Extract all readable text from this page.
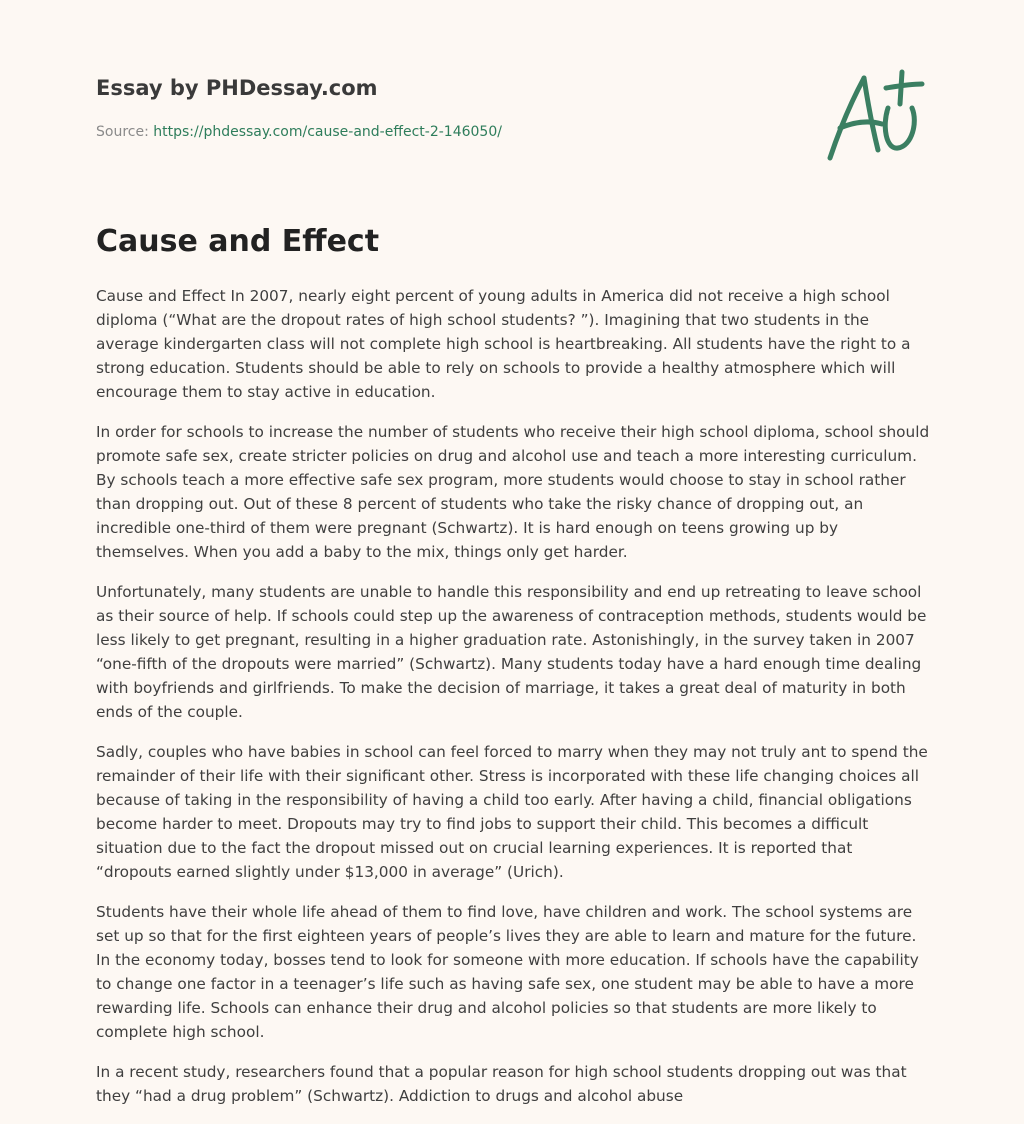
Essay by PHDessay.com
Source: https://phdessay.com/cause-and-effect-2-146050/
Cause and Effect

Cause and Effect In 2007, nearly eight percent of young adults in America did not receive a high school diploma (“What are the dropout rates of high school students? ”). Imagining that two students in the average kindergarten class will not complete high school is heartbreaking. All students have the right to a strong education. Students should be able to rely on schools to provide a healthy atmosphere which will encourage them to stay active in education.

In order for schools to increase the number of students who receive their high school diploma, school should promote safe sex, create stricter policies on drug and alcohol use and teach a more interesting curriculum. By schools teach a more effective safe sex program, more students would choose to stay in school rather than dropping out. Out of these 8 percent of students who take the risky chance of dropping out, an incredible one-third of them were pregnant (Schwartz). It is hard enough on teens growing up by themselves. When you add a baby to the mix, things only get harder.

Unfortunately, many students are unable to handle this responsibility and end up retreating to leave school as their source of help. If schools could step up the awareness of contraception methods, students would be less likely to get pregnant, resulting in a higher graduation rate. Astonishingly, in the survey taken in 2007 “one-fifth of the dropouts were married” (Schwartz). Many students today have a hard enough time dealing with boyfriends and girlfriends. To make the decision of marriage, it takes a great deal of maturity in both ends of the couple.

Sadly, couples who have babies in school can feel forced to marry when they may not truly ant to spend the remainder of their life with their significant other. Stress is incorporated with these life changing choices all because of taking in the responsibility of having a child too early. After having a child, financial obligations become harder to meet. Dropouts may try to find jobs to support their child. This becomes a difficult situation due to the fact the dropout missed out on crucial learning experiences. It is reported that “dropouts earned slightly under $13,000 in average” (Urich).

Students have their whole life ahead of them to find love, have children and work. The school systems are set up so that for the first eighteen years of people’s lives they are able to learn and mature for the future. In the economy today, bosses tend to look for someone with more education. If schools have the capability to change one factor in a teenager’s life such as having safe sex, one student may be able to have a more rewarding life. Schools can enhance their drug and alcohol policies so that students are more likely to complete high school.

In a recent study, researchers found that a popular reason for high school students dropping out was that they “had a drug problem” (Schwartz). Addiction to drugs and alcohol abuse
